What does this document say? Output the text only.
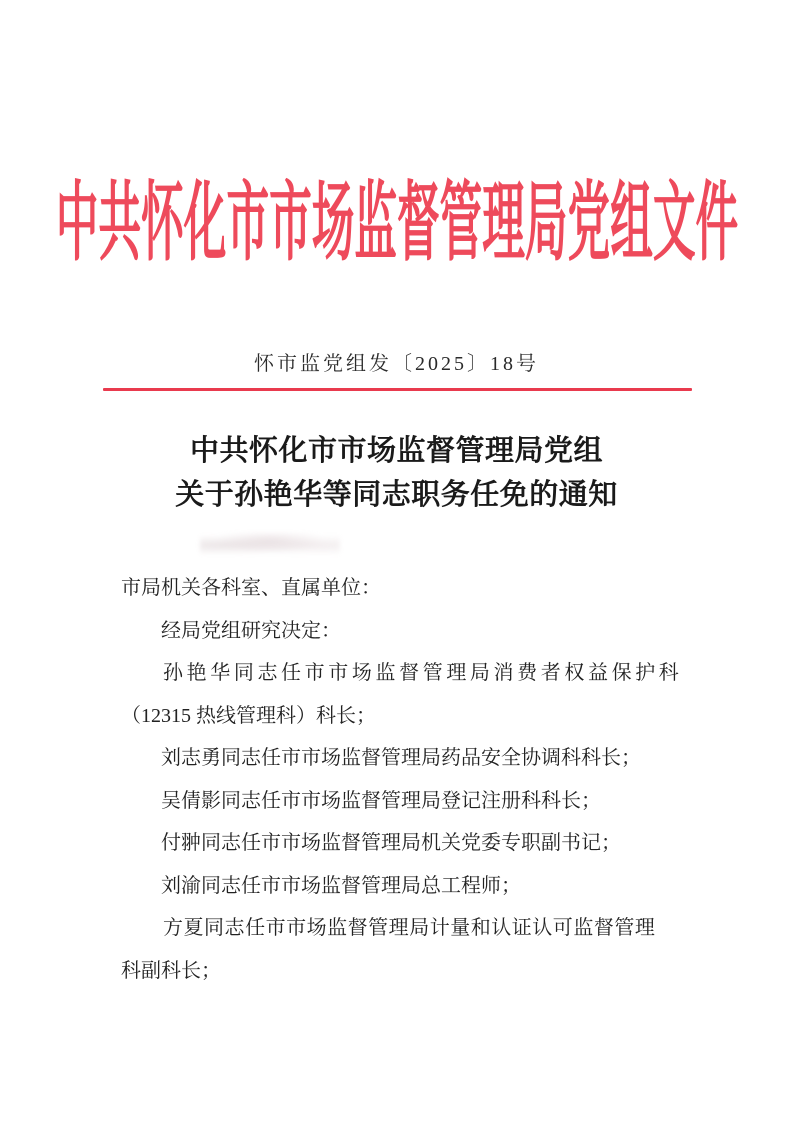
中共怀化市市场监督管理局党组文件
怀市监党组发〔2025〕18号
中共怀化市市场监督管理局党组
关于孙艳华等同志职务任免的通知
市局机关各科室、直属单位：
经局党组研究决定：
孙 艳 华 同 志 任 市 市 场 监 督 管 理 局 消 费 者 权 益 保 护 科
（12315 热线管理科）科长；
刘志勇同志任市市场监督管理局药品安全协调科科长；
吴倩影同志任市市场监督管理局登记注册科科长；
付翀同志任市市场监督管理局机关党委专职副书记；
刘渝同志任市市场监督管理局总工程师；
方 夏 同 志 任 市 市 场 监 督 管 理 局 计 量 和 认 证 认 可 监 督 管 理
科副科长；
